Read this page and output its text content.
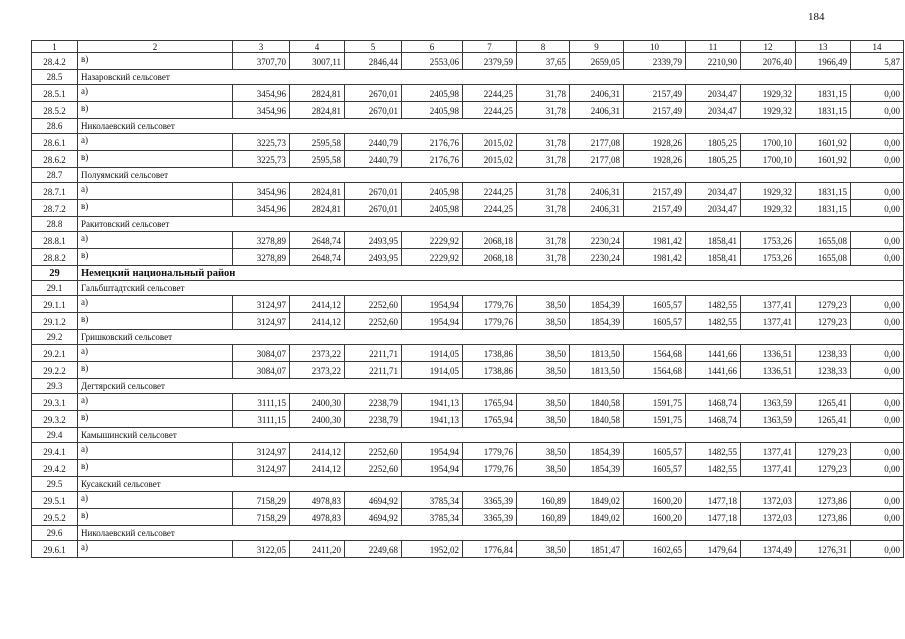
184
1	2	3	4	5	6	7	8	9	10	11	12	13	14
28.4.2	в)	3707,70	3007,11	2846,44	2553,06	2379,59	37,65	2659,05	2339,79	2210,90	2076,40	1966,49	5,87
28.5	Назаровский сельсовет												
28.5.1	а)	3454,96	2824,81	2670,01	2405,98	2244,25	31,78	2406,31	2157,49	2034,47	1929,32	1831,15	0,00
28.5.2	в)	3454,96	2824,81	2670,01	2405,98	2244,25	31,78	2406,31	2157,49	2034,47	1929,32	1831,15	0,00
28.6	Николаевский сельсовет												
28.6.1	а)	3225,73	2595,58	2440,79	2176,76	2015,02	31,78	2177,08	1928,26	1805,25	1700,10	1601,92	0,00
28.6.2	в)	3225,73	2595,58	2440,79	2176,76	2015,02	31,78	2177,08	1928,26	1805,25	1700,10	1601,92	0,00
28.7	Полуямский сельсовет												
28.7.1	а)	3454,96	2824,81	2670,01	2405,98	2244,25	31,78	2406,31	2157,49	2034,47	1929,32	1831,15	0,00
28.7.2	в)	3454,96	2824,81	2670,01	2405,98	2244,25	31,78	2406,31	2157,49	2034,47	1929,32	1831,15	0,00
28.8	Ракитовский сельсовет												
28.8.1	а)	3278,89	2648,74	2493,95	2229,92	2068,18	31,78	2230,24	1981,42	1858,41	1753,26	1655,08	0,00
28.8.2	в)	3278,89	2648,74	2493,95	2229,92	2068,18	31,78	2230,24	1981,42	1858,41	1753,26	1655,08	0,00
29	Немецкий национальный район												
29.1	Гальбштадтский сельсовет												
29.1.1	а)	3124,97	2414,12	2252,60	1954,94	1779,76	38,50	1854,39	1605,57	1482,55	1377,41	1279,23	0,00
29.1.2	в)	3124,97	2414,12	2252,60	1954,94	1779,76	38,50	1854,39	1605,57	1482,55	1377,41	1279,23	0,00
29.2	Гришковский сельсовет												
29.2.1	а)	3084,07	2373,22	2211,71	1914,05	1738,86	38,50	1813,50	1564,68	1441,66	1336,51	1238,33	0,00
29.2.2	в)	3084,07	2373,22	2211,71	1914,05	1738,86	38,50	1813,50	1564,68	1441,66	1336,51	1238,33	0,00
29.3	Дегтярский сельсовет												
29.3.1	а)	3111,15	2400,30	2238,79	1941,13	1765,94	38,50	1840,58	1591,75	1468,74	1363,59	1265,41	0,00
29.3.2	в)	3111,15	2400,30	2238,79	1941,13	1765,94	38,50	1840,58	1591,75	1468,74	1363,59	1265,41	0,00
29.4	Камышинский сельсовет												
29.4.1	а)	3124,97	2414,12	2252,60	1954,94	1779,76	38,50	1854,39	1605,57	1482,55	1377,41	1279,23	0,00
29.4.2	в)	3124,97	2414,12	2252,60	1954,94	1779,76	38,50	1854,39	1605,57	1482,55	1377,41	1279,23	0,00
29.5	Кусакский сельсовет												
29.5.1	а)	7158,29	4978,83	4694,92	3785,34	3365,39	160,89	1849,02	1600,20	1477,18	1372,03	1273,86	0,00
29.5.2	в)	7158,29	4978,83	4694,92	3785,34	3365,39	160,89	1849,02	1600,20	1477,18	1372,03	1273,86	0,00
29.6	Николаевский сельсовет												
29.6.1	а)	3122,05	2411,20	2249,68	1952,02	1776,84	38,50	1851,47	1602,65	1479,64	1374,49	1276,31	0,00
